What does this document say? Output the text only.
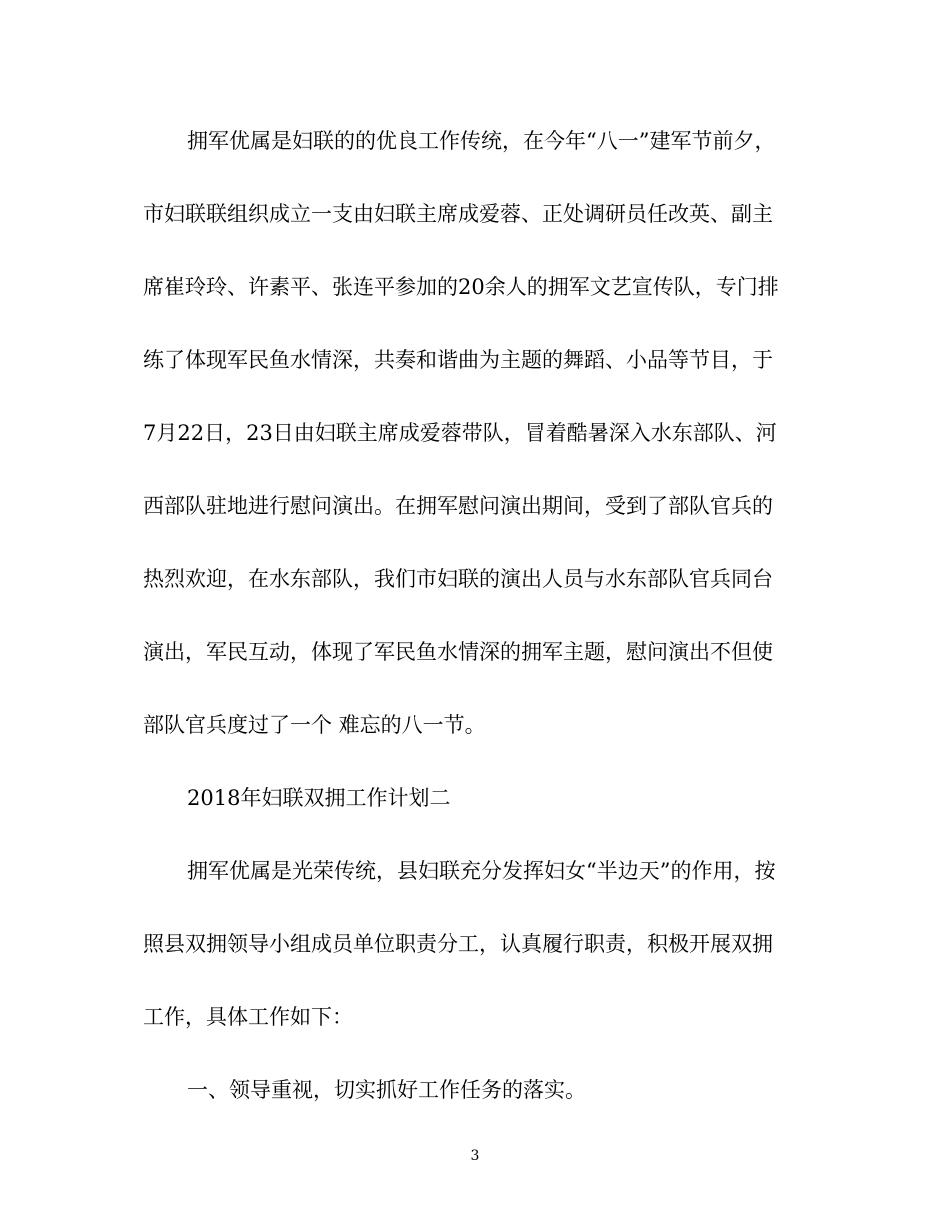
拥军优属是妇联的的优良工作传统，在今年“八一”建军节前夕，
市妇联联组织成立一支由妇联主席成爱蓉、正处调研员任改英、副主
席崔玲玲、许素平、张连平参加的20余人的拥军文艺宣传队，专门排
练了体现军民鱼水情深，共奏和谐曲为主题的舞蹈、小品等节目，于
7月22日，23日由妇联主席成爱蓉带队，冒着酷暑深入水东部队、河
西部队驻地进行慰问演出。在拥军慰问演出期间，受到了部队官兵的
热烈欢迎，在水东部队，我们市妇联的演出人员与水东部队官兵同台
演出，军民互动，体现了军民鱼水情深的拥军主题，慰问演出不但使
部队官兵度过了一个 难忘的八一节。
2018年妇联双拥工作计划二
拥军优属是光荣传统，县妇联充分发挥妇女“半边天”的作用，按
照县双拥领导小组成员单位职责分工，认真履行职责，积极开展双拥
工作，具体工作如下：
一、领导重视，切实抓好工作任务的落实。
3
